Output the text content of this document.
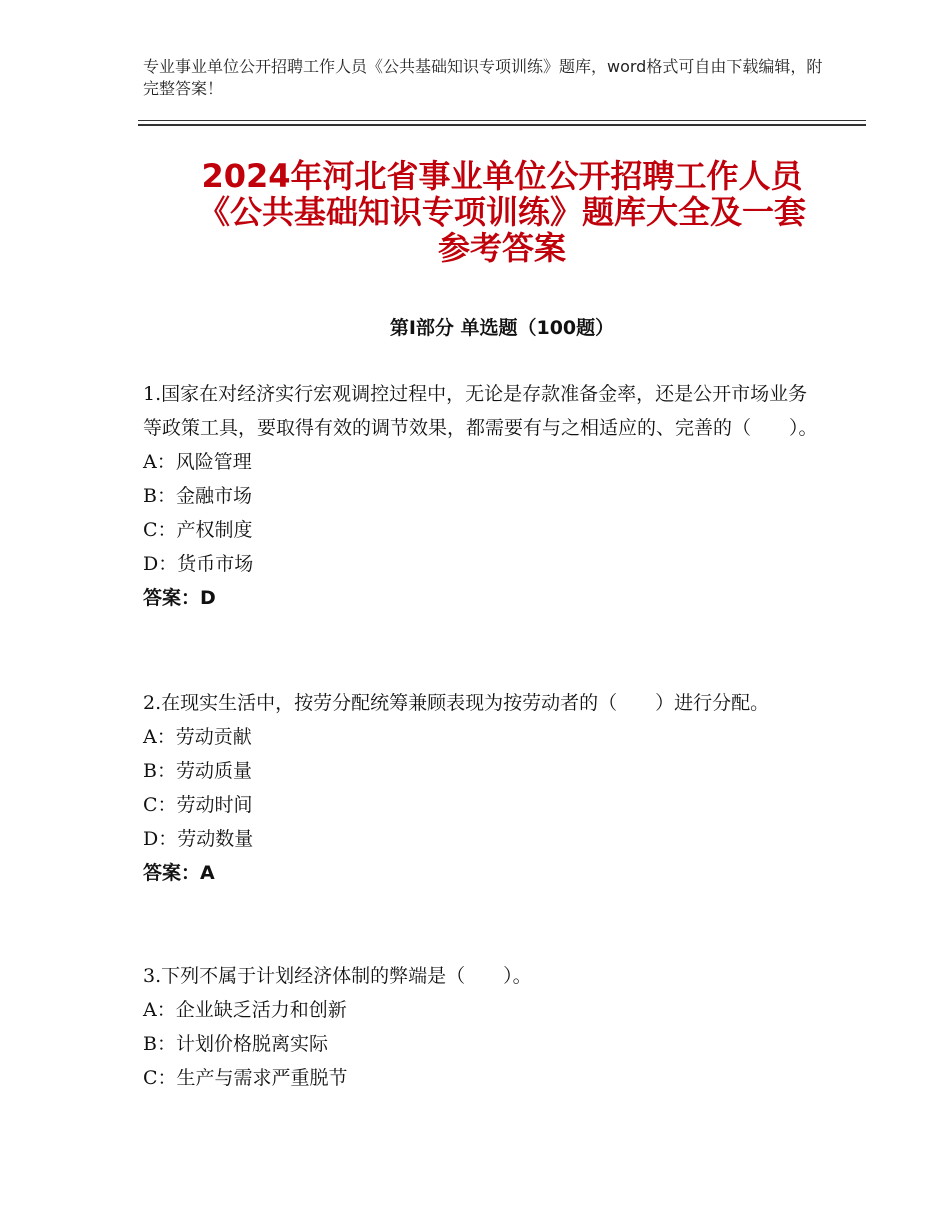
专业事业单位公开招聘工作人员《公共基础知识专项训练》题库，word格式可自由下载编辑，附完整答案！
2024年河北省事业单位公开招聘工作人员
《公共基础知识专项训练》题库大全及一套
参考答案
第Ⅰ部分 单选题（100题）
1.国家在对经济实行宏观调控过程中，无论是存款准备金率，还是公开市场业务等政策工具，要取得有效的调节效果，都需要有与之相适应的、完善的（　　）。
A：风险管理
B：金融市场
C：产权制度
D：货币市场
答案：D
2.在现实生活中，按劳分配统筹兼顾表现为按劳动者的（　　）进行分配。
A：劳动贡献
B：劳动质量
C：劳动时间
D：劳动数量
答案：A
3.下列不属于计划经济体制的弊端是（　　）。
A：企业缺乏活力和创新
B：计划价格脱离实际
C：生产与需求严重脱节
